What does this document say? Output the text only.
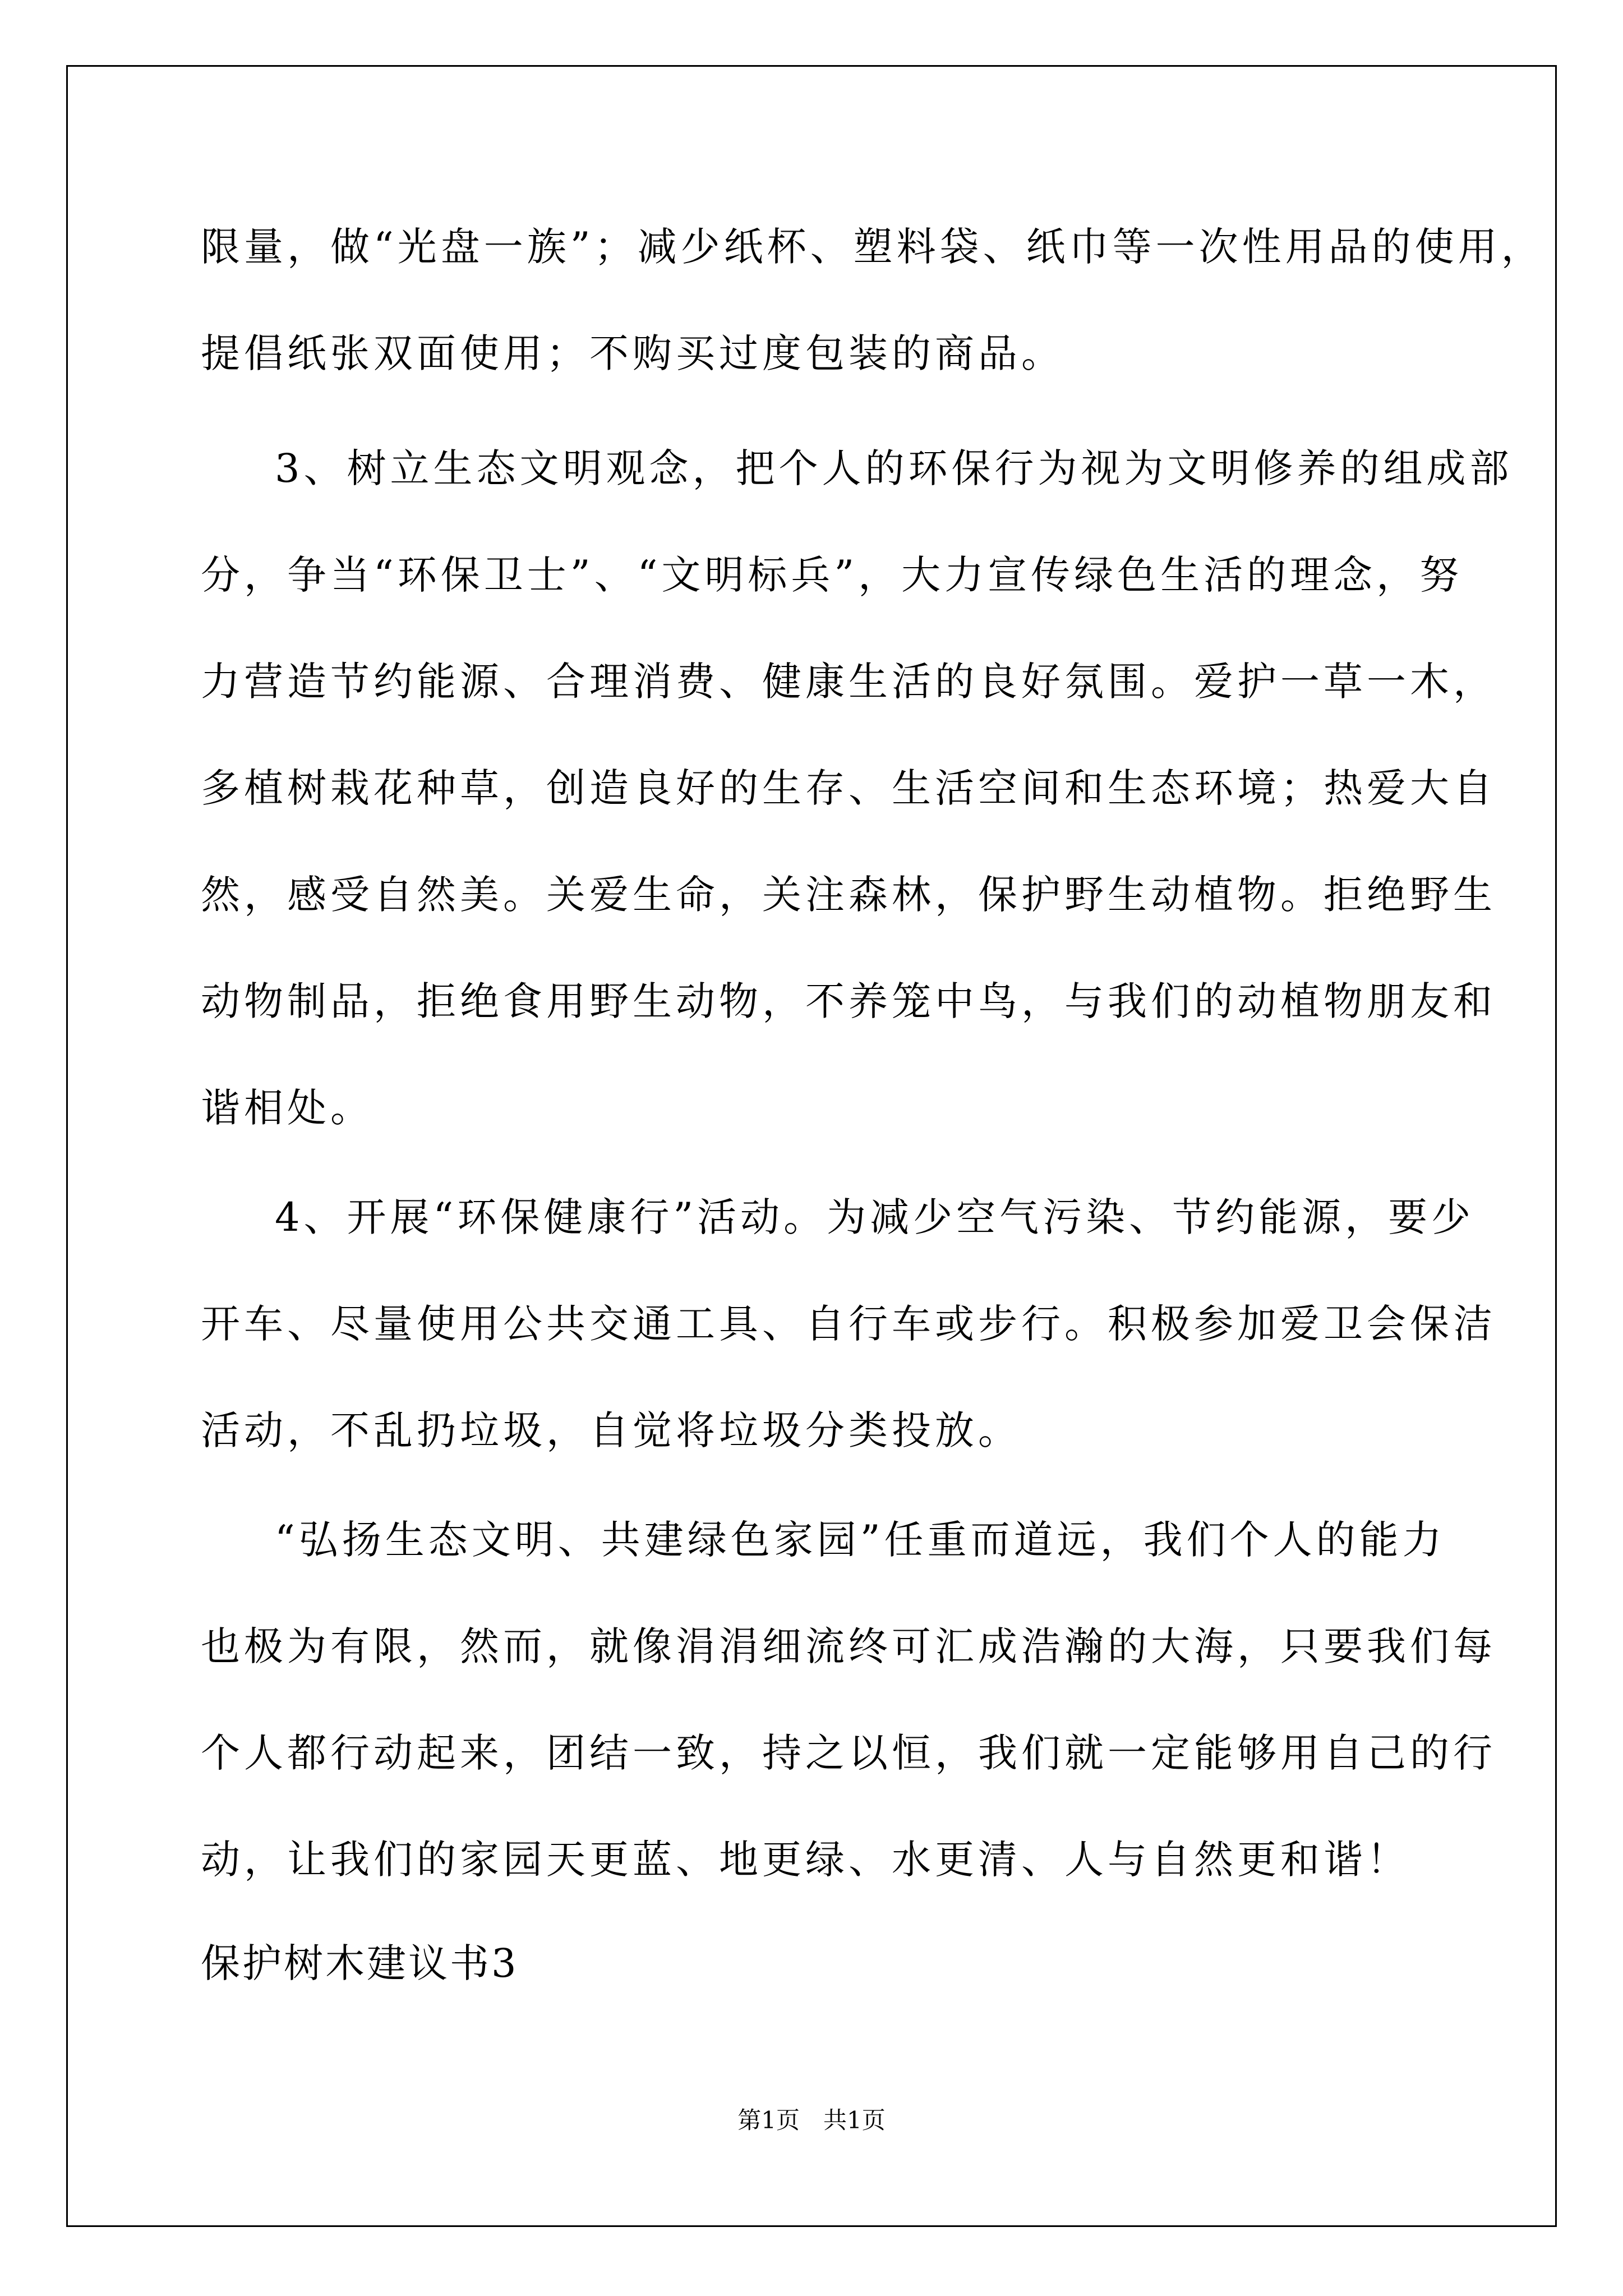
限量，做“光盘一族”；减少纸杯、塑料袋、纸巾等一次性用品的使用，

提倡纸张双面使用；不购买过度包装的商品。

3、树立生态文明观念，把个人的环保行为视为文明修养的组成部

分，争当“环保卫士”、“文明标兵”，大力宣传绿色生活的理念，努

力营造节约能源、合理消费、健康生活的良好氛围。爱护一草一木，

多植树栽花种草，创造良好的生存、生活空间和生态环境；热爱大自

然，感受自然美。关爱生命，关注森林，保护野生动植物。拒绝野生

动物制品，拒绝食用野生动物，不养笼中鸟，与我们的动植物朋友和

谐相处。

4、开展“环保健康行”活动。为减少空气污染、节约能源，要少

开车、尽量使用公共交通工具、自行车或步行。积极参加爱卫会保洁

活动，不乱扔垃圾，自觉将垃圾分类投放。

“弘扬生态文明、共建绿色家园”任重而道远，我们个人的能力

也极为有限，然而，就像涓涓细流终可汇成浩瀚的大海，只要我们每

个人都行动起来，团结一致，持之以恒，我们就一定能够用自己的行

动，让我们的家园天更蓝、地更绿、水更清、人与自然更和谐！

保护树木建议书3

第1页　共1页
